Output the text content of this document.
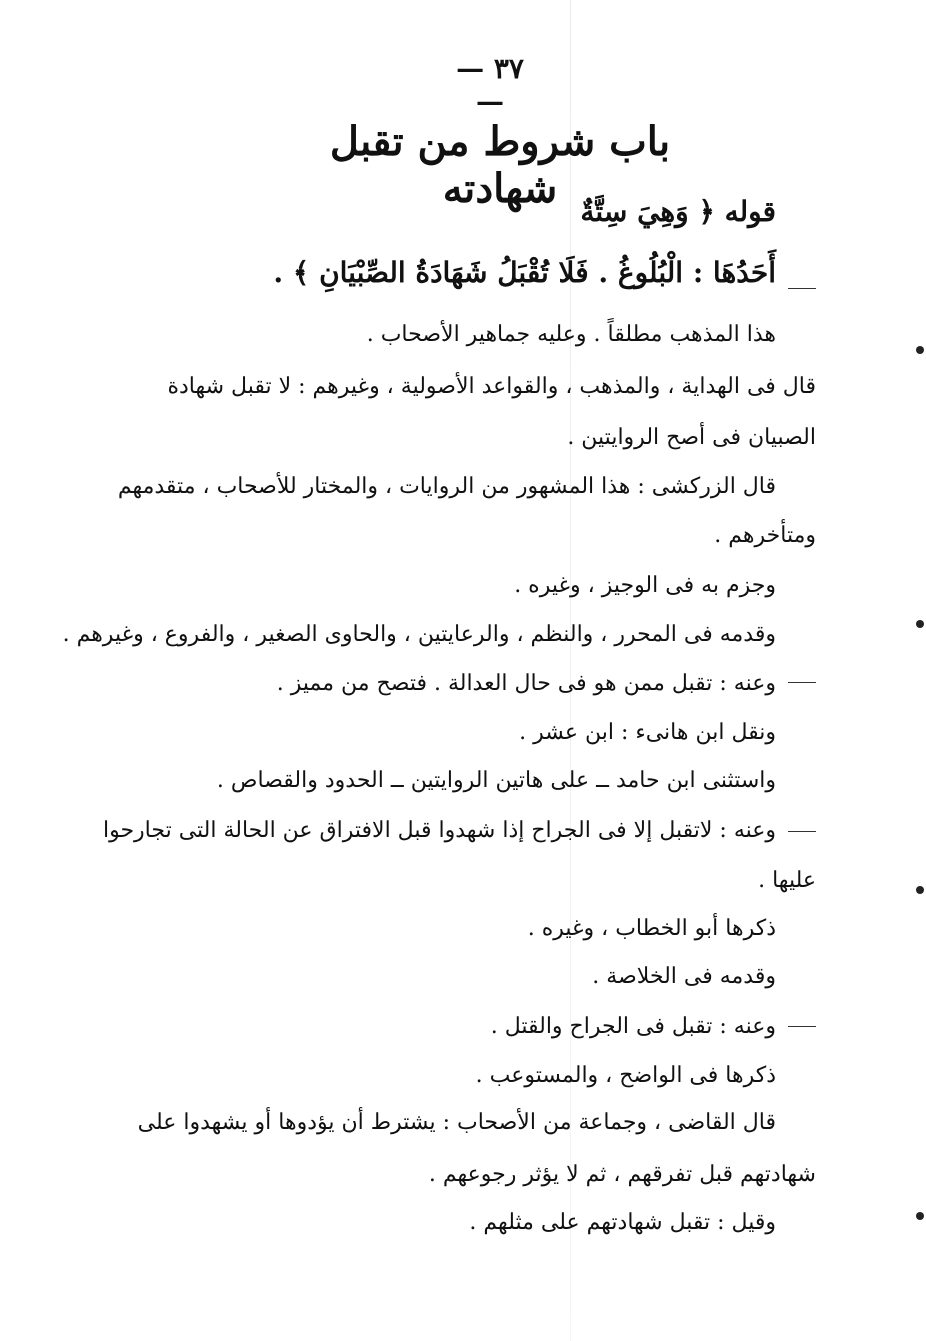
— ٣٧ —
باب شروط من تقبل شهادته قوله ﴿ وَهِيَ سِتَّةٌ
أَحَدُهَا : الْبُلُوغُ . فَلَا تُقْبَلُ شَهَادَةُ الصِّبْيَانِ ﴾ .
هذا المذهب مطلقاً . وعليه جماهير الأصحاب .
قال فى الهداية ، والمذهب ، والقواعد الأصولية ، وغيرهم : لا تقبل شهادة
الصبيان فى أصح الروايتين .
قال الزركشى : هذا المشهور من الروايات ، والمختار للأصحاب ، متقدمهم
ومتأخرهم .
وجزم به فى الوجيز ، وغيره .
وقدمه فى المحرر ، والنظم ، والرعايتين ، والحاوى الصغير ، والفروع ، وغيرهم .
وعنه : تقبل ممن هو فى حال العدالة . فتصح من مميز .
ونقل ابن هانىء : ابن عشر .
واستثنى ابن حامد ــ على هاتين الروايتين ــ الحدود والقصاص .
وعنه : لاتقبل إلا فى الجراح إذا شهدوا قبل الافتراق عن الحالة التى تجارحوا
عليها .
ذكرها أبو الخطاب ، وغيره .
وقدمه فى الخلاصة .
وعنه : تقبل فى الجراح والقتل .
ذكرها فى الواضح ، والمستوعب .
قال القاضى ، وجماعة من الأصحاب : يشترط أن يؤدوها أو يشهدوا على
شهادتهم قبل تفرقهم ، ثم لا يؤثر رجوعهم .
وقيل : تقبل شهادتهم على مثلهم .
